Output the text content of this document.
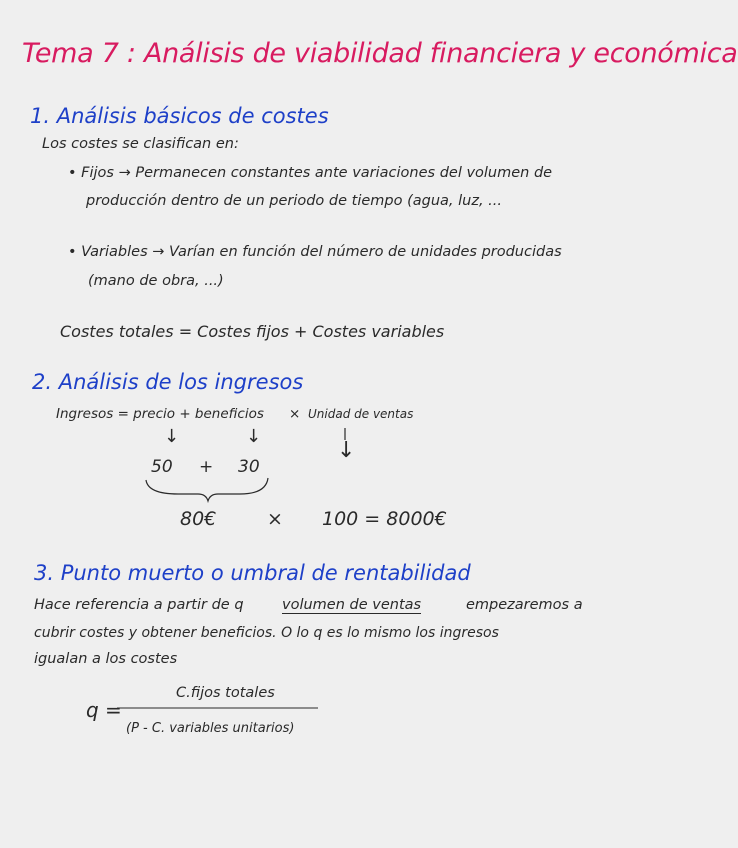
Tema 7 : Análisis de viabilidad financiera y económica
1. Análisis básicos de costes
Los costes se clasifican en:
• Fijos → Permanecen constantes ante variaciones del volumen de
producción dentro de un periodo de tiempo (agua, luz, ...
• Variables → Varían en función del número de unidades producidas
(mano de obra, ...)
Costes totales = Costes fijos + Costes variables
2. Análisis de los ingresos
Ingresos = precio + beneficios × Unidad de ventas
↓	↓
↓
50 + 30
80€	× 100 = 8000€
3. Punto muerto o umbral de rentabilidad
Hace referencia a partir de q	volumen de ventas	empezaremos a
cubrir costes y obtener beneficios. O lo q es lo mismo los ingresos
igualan a los costes
q =
C.fijos totales
(P - C. variables unitarios)
